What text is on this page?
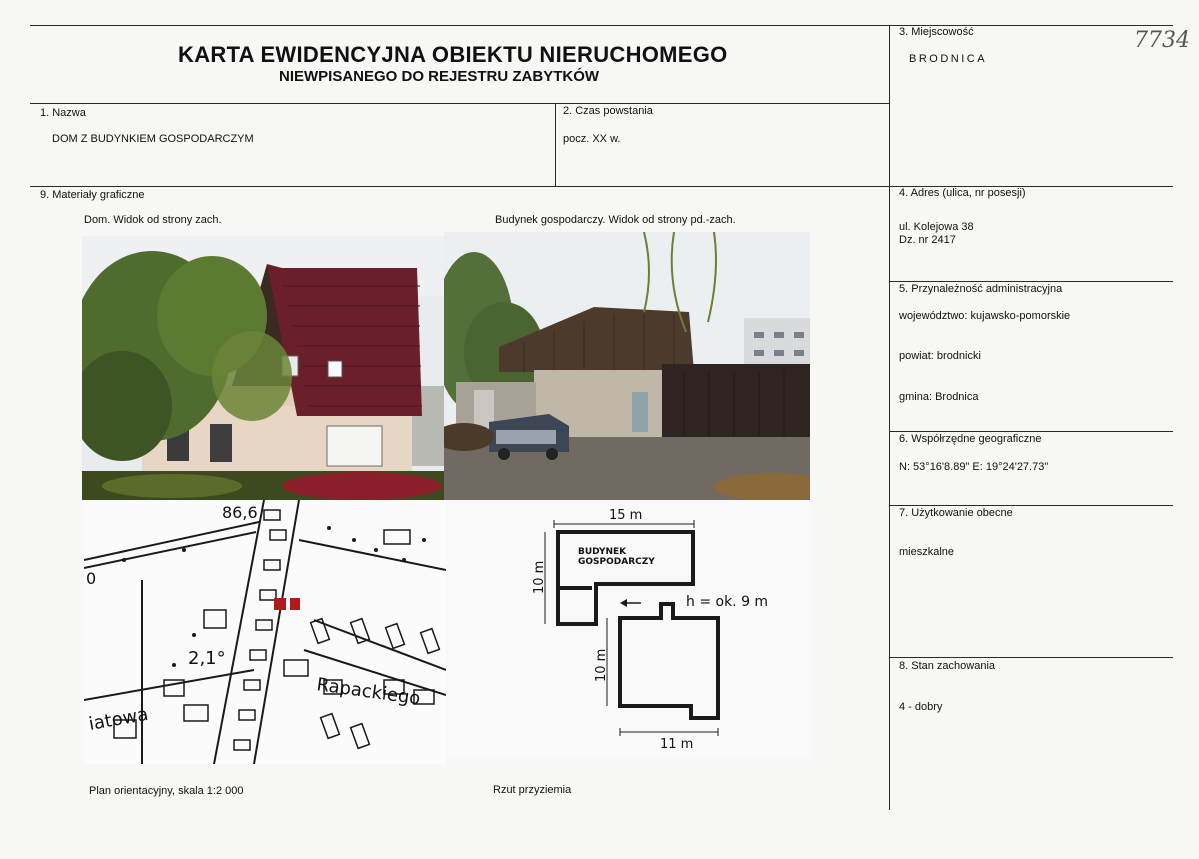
KARTA EWIDENCYJNA OBIEKTU NIERUCHOMEGO
NIEWPISANEGO DO REJESTRU ZABYTKÓW
7734
1. Nazwa
DOM Z BUDYNKIEM GOSPODARCZYM
2. Czas powstania
pocz. XX w.
3. Miejscowość
BRODNICA
4. Adres (ulica, nr posesji)
ul. Kolejowa 38
Dz. nr 2417
5. Przynależność administracyjna
województwo: kujawsko-pomorskie
powiat: brodnicki
gmina: Brodnica
6. Współrzędne geograficzne
N: 53°16'8.89" E: 19°24'27.73"
7. Użytkowanie obecne
mieszkalne
8. Stan zachowania
4 - dobry
9. Materiały graficzne
Dom. Widok od strony zach.	Budynek gospodarczy. Widok od strony pd.-zach.
Plan orientacyjny, skala 1:2 000	Rzut przyziemia
86,6
0
2,1°
Rapackiego
iatowa
15 m
10 m
BUDYNEK
GOSPODARCZY
h = ok. 9 m
10 m
11 m
